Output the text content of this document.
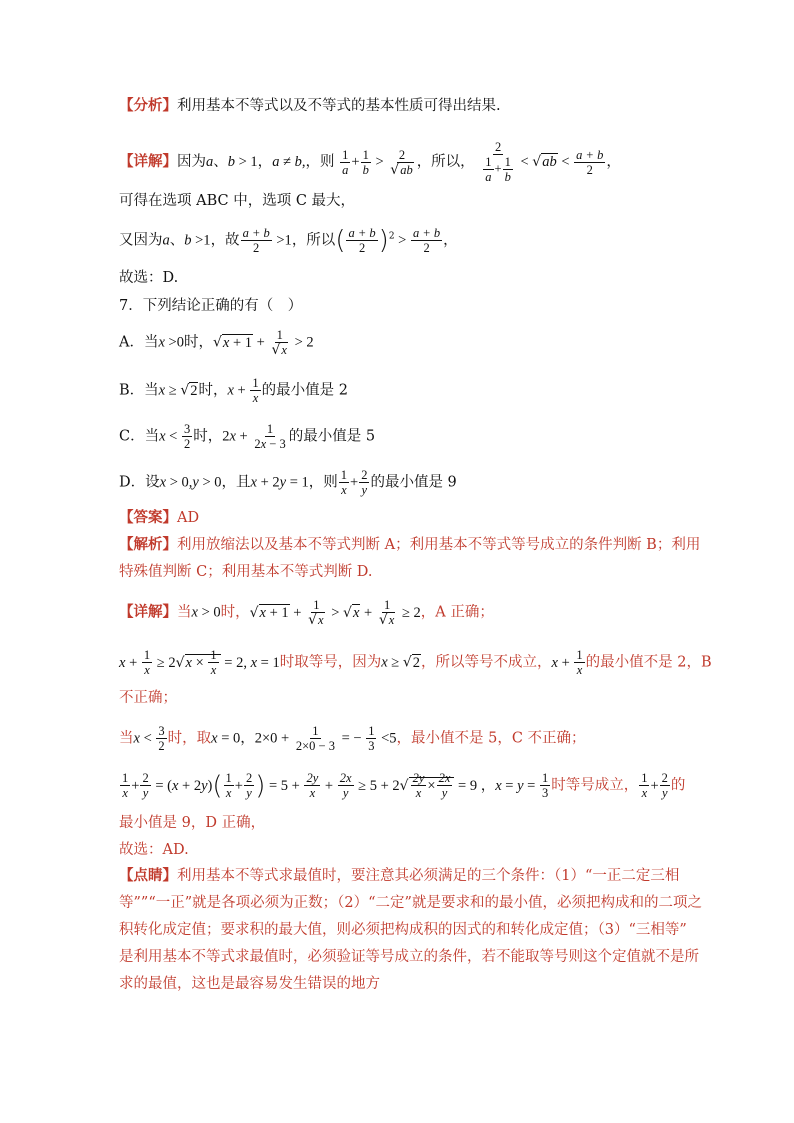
【分析】利用基本不等式以及不等式的基本性质可得出结果.
【详解】因为a、b > 1，a ≠ b,，则 $\frac{1}{a} + \frac{1}{b} > \frac{2}{√ab}$ ，所以， $\frac{2}{\frac{1}{a} + \frac{1}{b}} < √ab < \frac{a + b}{2}$ ，
可得在选项 ABC 中，选项 C 最大，
又因为a、b >1，故 $\frac{a + b}{2} >1$，所以( $\frac{a + b}{2} )^2 > \frac{a + b}{2}$ ，
故选：D.
7．下列结论正确的有（　）
A．当x >0时，$√x + 1 + \frac{1}{√x} > 2$
B．当x ≥ √2时，$x + \frac{1}{x}$ 的最小值是 2
C．当$x < \frac{3}{2}$ 时，$2x + \frac{1}{2x - 3}$ 的最小值是 5
D．设x > 0,y > 0，且x + 2y = 1，则 $\frac{1}{x} + \frac{2}{y}$ 的最小值是 9
【答案】AD
【解析】利用放缩法以及基本不等式判断 A；利用基本不等式等号成立的条件判断 B；利用
特殊值判断 C；利用基本不等式判断 D.
【详解】当x > 0时，$√x + 1 + \frac{1}{√x} > √x + \frac{1}{√x} \ge 2$，A 正确；
$x + \frac{1}{x} \ge 2√x \times \frac{1}{x} = 2$, x = 1时取等号，因为x ≥ √2，所以等号不成立，$x + \frac{1}{x}$ 的最小值不是 2，B
不正确；
当$x < \frac{3}{2}$ 时，取x = 0，$2\times 0 + \frac{1}{2\times 0 - 3}$ = − $\frac{1}{3} <5$，最小值不是 5，C 不正确；
$\frac{1}{x} + \frac{2}{y} = (x + 2y)( \frac{1}{x} + \frac{2}{y}$ ) = $5 + \frac{2y}{x} + \frac{2x}{y} \ge 5 + 2√ \frac{2y}{x} \times \frac{2x}{y} = 9$ ，$x = y = \frac{1}{3}$ 时等号成立， $\frac{1}{x} + \frac{2}{y}$ 的
最小值是 9，D 正确，
故选：AD.
【点睛】利用基本不等式求最值时，要注意其必须满足的三个条件：（1）“一正二定三相
等””“一正”就是各项必须为正数；（2）“二定”就是要求和的最小值，必须把构成和的二项之
积转化成定值；要求积的最大值，则必须把构成积的因式的和转化成定值；（3）“三相等”
是利用基本不等式求最值时，必须验证等号成立的条件，若不能取等号则这个定值就不是所
求的最值，这也是最容易发生错误的地方
